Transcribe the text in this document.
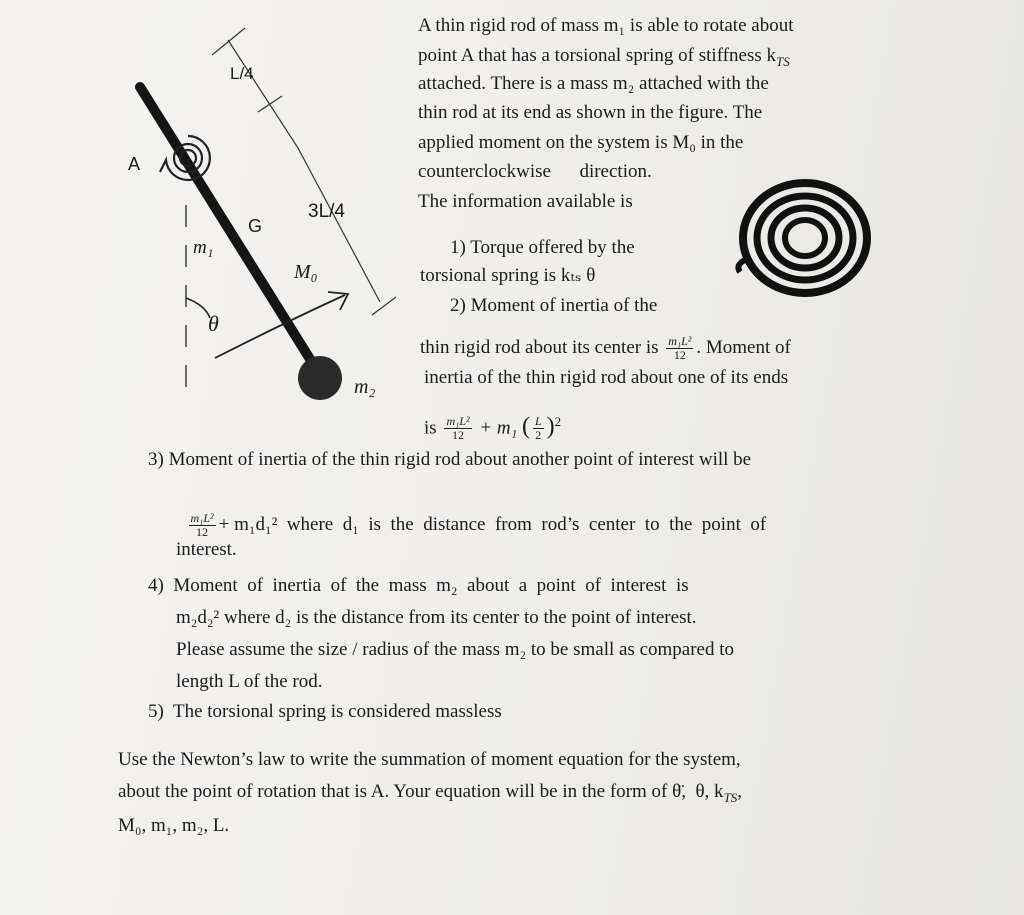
L/4
A
3L/4
G
m₁
M₀
θ
m₂
A thin rigid rod of mass m₁ is able to rotate about
point A that has a torsional spring of stiffness $k_{TS}$
attached. There is a mass m₂ attached with the
thin rod at its end as shown in the figure. The
applied moment on the system is M₀ in the
counterclockwise      direction.
The information available is
1) Torque offered by the
torsional spring is kₜₛ θ
2) Moment of inertia of the
thin rigid rod about its center is $\frac{\text{m₁L²}}{12}$ . Moment of
inertia of the thin rigid rod about one of its ends
is $\frac{\text{m₁L²}}{12} + m_1$ ( $\frac{L}{2} )^2$
3) Moment of inertia of the thin rigid rod about another point of interest will be

$\frac{\text{m₁L²}}{12} + m_1d_1^2$  where  d₁  is  the  distance  from  rod’s  center  to  the  point  of

interest.
4)  Moment  of  inertia  of  the  mass  m₂  about  a  point  of  interest  is
m₂d₂² where d₂ is the distance from its center to the point of interest.
Please assume the size / radius of the mass m₂ to be small as compared to
length L of the rod.
5)  The torsional spring is considered massless
Use the Newton’s law to write the summation of moment equation for the system,
about the point of rotation that is A. Your equation will be in the form of θ̈,  θ, $k_{TS}$,
M₀, m₁, m₂, L.
